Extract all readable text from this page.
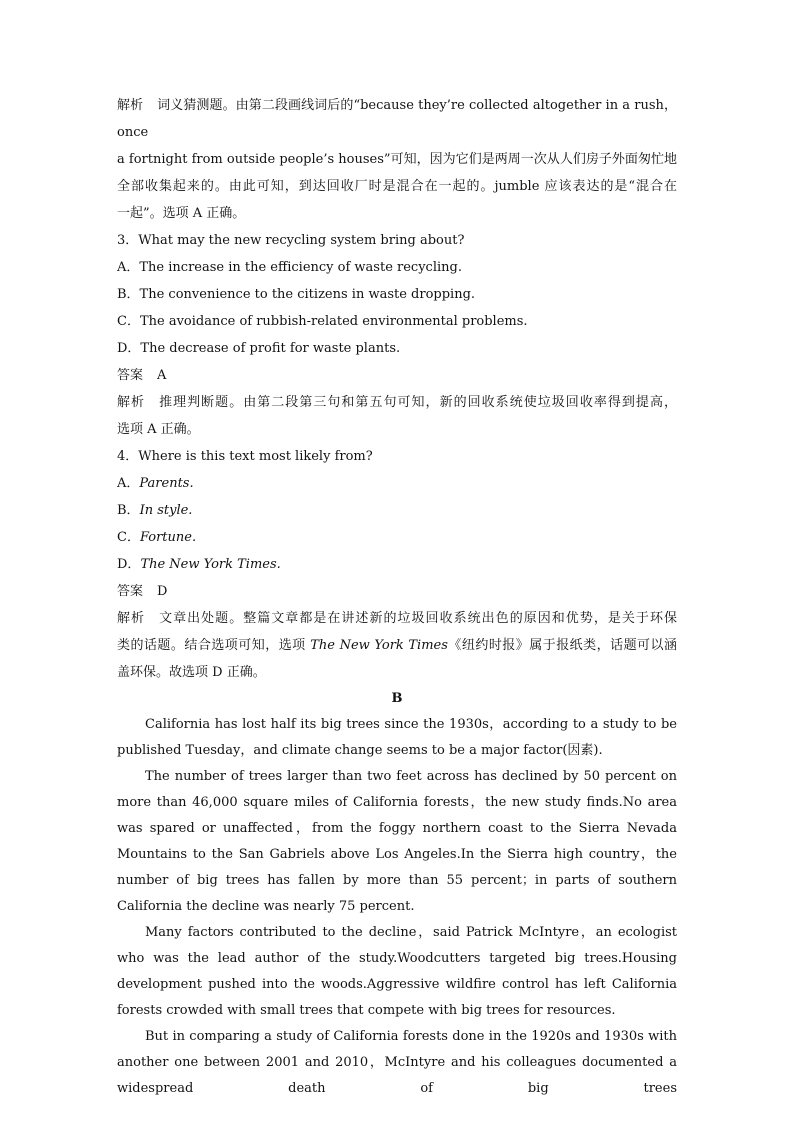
解析 词义猜测题。由第二段画线词后的“because they’re collected altogether in a rush，once

a fortnight from outside people’s houses”可知，因为它们是两周一次从人们房子外面匆忙地

全部收集起来的。由此可知，到达回收厂时是混合在一起的。jumble 应该表达的是“混合在

一起”。选项 A 正确。

3．What may the new recycling system bring about?

A．The increase in the efficiency of waste recycling.

B．The convenience to the citizens in waste dropping.

C．The avoidance of rubbish-related environmental problems.

D．The decrease of profit for waste plants.

答案 A

解析 推理判断题。由第二段第三句和第五句可知，新的回收系统使垃圾回收率得到提高，

选项 A 正确。

4．Where is this text most likely from?

A．Parents.

B．In style.

C．Fortune.

D．The New York Times.

答案 D

解析 文章出处题。整篇文章都是在讲述新的垃圾回收系统出色的原因和优势，是关于环保

类的话题。结合选项可知，选项 The New York Times《纽约时报》属于报纸类，话题可以涵

盖环保。故选项 D 正确。

B

California has lost half its big trees since the 1930s，according to a study to be published Tuesday，and climate change seems to be a major factor(因素).

The number of trees larger than two feet across has declined by 50 percent on more than 46,000 square miles of California forests，the new study finds.No area was spared or unaffected，from the foggy northern coast to the Sierra Nevada Mountains to the San Gabriels above Los Angeles.In the Sierra high country，the number of big trees has fallen by more than 55 percent；in parts of southern California the decline was nearly 75 percent.

Many factors contributed to the decline，said Patrick McIntyre，an ecologist who was the lead author of the study.Woodcutters targeted big trees.Housing development pushed into the woods.Aggressive wildfire control has left California forests crowded with small trees that compete with big trees for resources.

But in comparing a study of California forests done in the 1920s and 1930s with another one between 2001 and 2010，McIntyre and his colleagues documented a widespread death of big trees
